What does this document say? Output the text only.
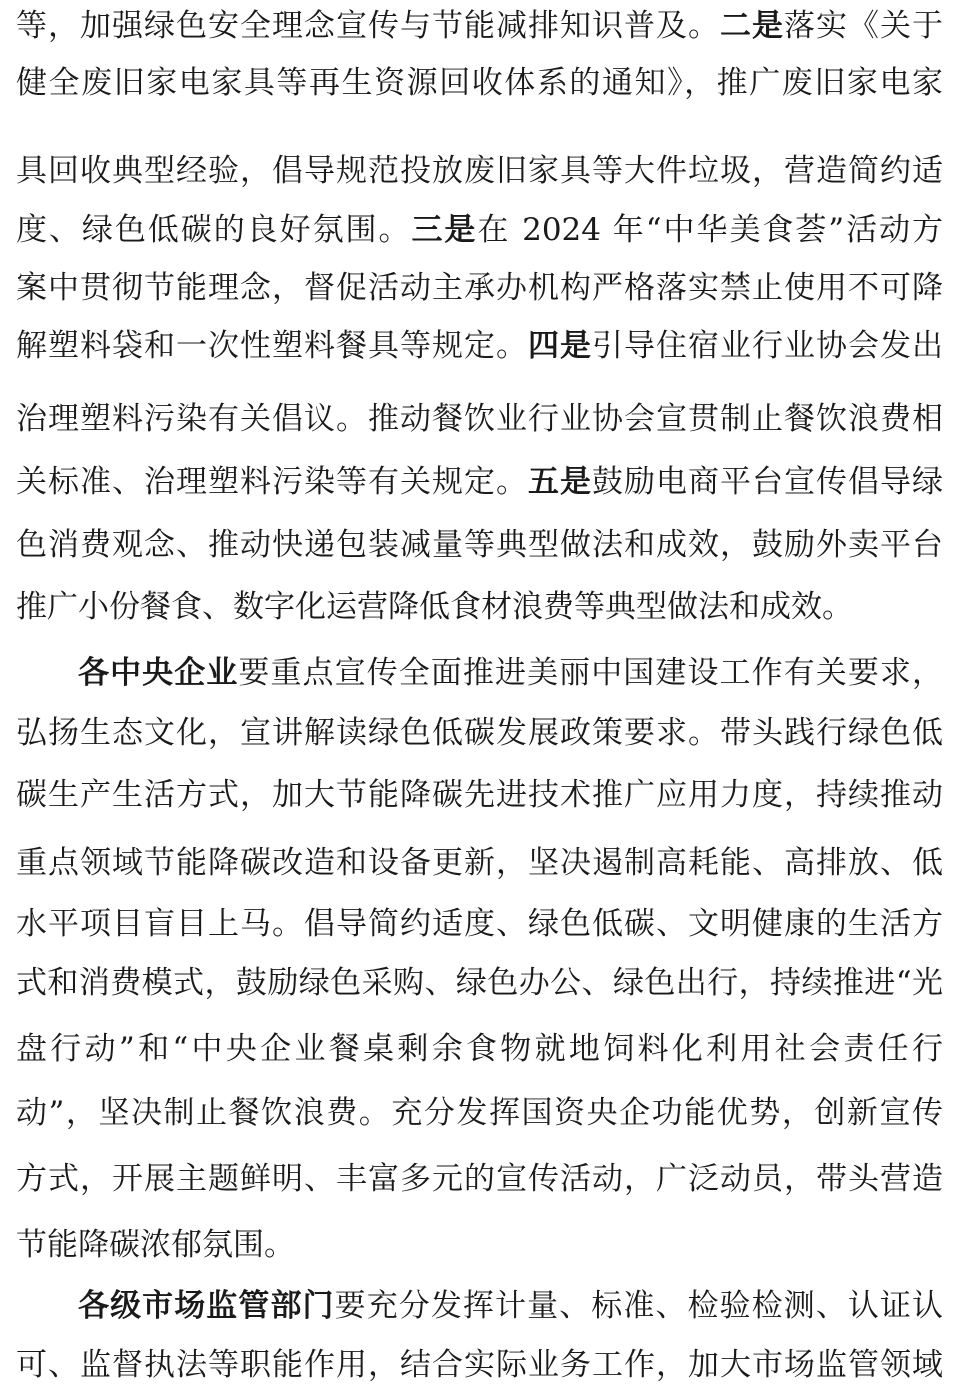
等，加强绿色安全理念宣传与节能减排知识普及。二是落实《关于
健全废旧家电家具等再生资源回收体系的通知》，推广废旧家电家
具回收典型经验，倡导规范投放废旧家具等大件垃圾，营造简约适
度、绿色低碳的良好氛围。三是在 2024 年“中华美食荟”活动方
案中贯彻节能理念，督促活动主承办机构严格落实禁止使用不可降
解塑料袋和一次性塑料餐具等规定。四是引导住宿业行业协会发出
治理塑料污染有关倡议。推动餐饮业行业协会宣贯制止餐饮浪费相
关标准、治理塑料污染等有关规定。五是鼓励电商平台宣传倡导绿
色消费观念、推动快递包装减量等典型做法和成效，鼓励外卖平台
推广小份餐食、数字化运营降低食材浪费等典型做法和成效。
各中央企业要重点宣传全面推进美丽中国建设工作有关要求，
弘扬生态文化，宣讲解读绿色低碳发展政策要求。带头践行绿色低
碳生产生活方式，加大节能降碳先进技术推广应用力度，持续推动
重点领域节能降碳改造和设备更新，坚决遏制高耗能、高排放、低
水平项目盲目上马。倡导简约适度、绿色低碳、文明健康的生活方
式和消费模式，鼓励绿色采购、绿色办公、绿色出行，持续推进“光
盘行动”和“中央企业餐桌剩余食物就地饲料化利用社会责任行
动”，坚决制止餐饮浪费。充分发挥国资央企功能优势，创新宣传
方式，开展主题鲜明、丰富多元的宣传活动，广泛动员，带头营造
节能降碳浓郁氛围。
各级市场监管部门要充分发挥计量、标准、检验检测、认证认
可、监督执法等职能作用，结合实际业务工作，加大市场监管领域
